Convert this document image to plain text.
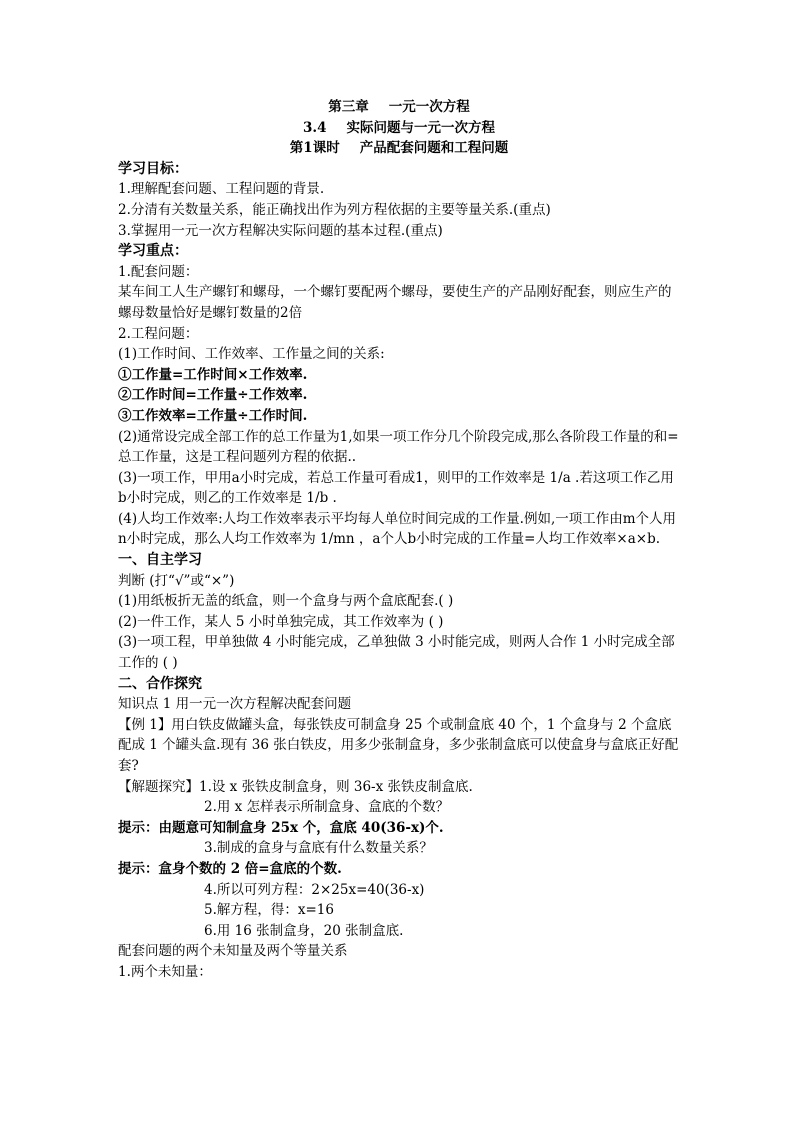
第三章 一元一次方程
3.4 实际问题与一元一次方程
第1课时 产品配套问题和工程问题
学习目标：
1.理解配套问题、工程问题的背景.
2.分清有关数量关系，能正确找出作为列方程依据的主要等量关系.(重点)
3.掌握用一元一次方程解决实际问题的基本过程.(重点)
学习重点：
1.配套问题：
某车间工人生产螺钉和螺母，一个螺钉要配两个螺母，要使生产的产品刚好配套，则应生产的螺母数量恰好是螺钉数量的2倍
2.工程问题：
(1)工作时间、工作效率、工作量之间的关系:
①工作量=工作时间×工作效率.
②工作时间=工作量÷工作效率.
③工作效率=工作量÷工作时间.
(2)通常设完成全部工作的总工作量为1,如果一项工作分几个阶段完成,那么各阶段工作量的和=总工作量，这是工程问题列方程的依据..
(3)一项工作，甲用a小时完成，若总工作量可看成1，则甲的工作效率是 1/a .若这项工作乙用b小时完成，则乙的工作效率是 1/b .
(4)人均工作效率:人均工作效率表示平均每人单位时间完成的工作量.例如,一项工作由m个人用n小时完成，那么人均工作效率为 1/mn ，a个人b小时完成的工作量=人均工作效率×a×b.
一、自主学习
判断 (打“√”或“×”)
(1)用纸板折无盖的纸盒，则一个盒身与两个盒底配套.( )
(2)一件工作，某人 5 小时单独完成，其工作效率为 ( )
(3)一项工程，甲单独做 4 小时能完成，乙单独做 3 小时能完成，则两人合作 1 小时完成全部工作的 ( )
二、合作探究
知识点 1 用一元一次方程解决配套问题
【例 1】用白铁皮做罐头盒，每张铁皮可制盒身 25 个或制盒底 40 个，1 个盒身与 2 个盒底配成 1 个罐头盒.现有 36 张白铁皮，用多少张制盒身，多少张制盒底可以使盒身与盒底正好配套?
【解题探究】1.设 x 张铁皮制盒身，则 36-x 张铁皮制盒底.
2.用 x 怎样表示所制盒身、盒底的个数？
提示：由题意可知制盒身 25x 个，盒底 40(36-x)个.
3.制成的盒身与盒底有什么数量关系？
提示：盒身个数的 2 倍=盒底的个数.
4.所以可列方程：2×25x=40(36-x)
5.解方程，得：x=16
6.用 16 张制盒身，20 张制盒底.
配套问题的两个未知量及两个等量关系
1.两个未知量：
